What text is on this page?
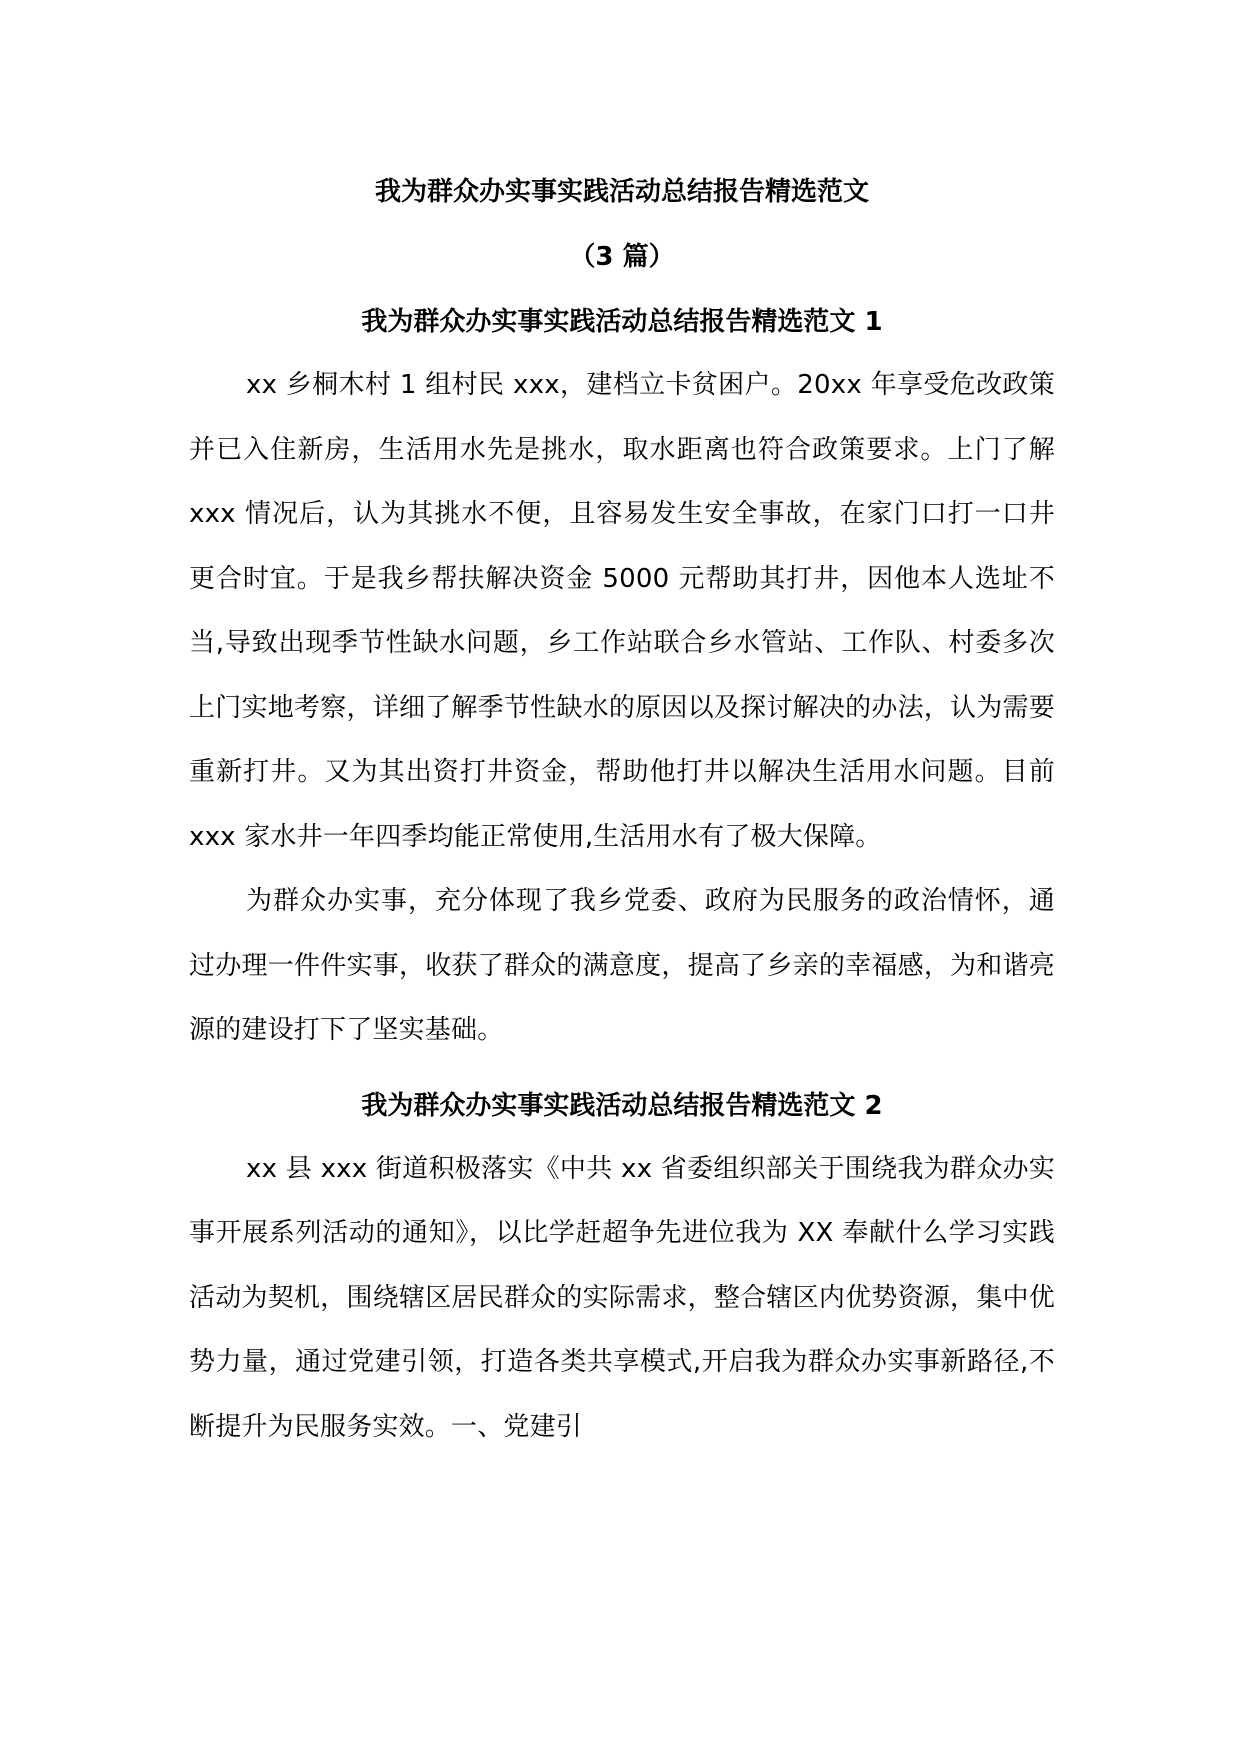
我为群众办实事实践活动总结报告精选范文
（3 篇）
我为群众办实事实践活动总结报告精选范文 1

xx 乡桐木村 1 组村民 xxx，建档立卡贫困户。20xx 年享受危改政策并已入住新房，生活用水先是挑水，取水距离也符合政策要求。上门了解 xxx 情况后，认为其挑水不便，且容易发生安全事故，在家门口打一口井更合时宜。于是我乡帮扶解决资金 5000 元帮助其打井，因他本人选址不当,导致出现季节性缺水问题，乡工作站联合乡水管站、工作队、村委多次上门实地考察，详细了解季节性缺水的原因以及探讨解决的办法，认为需要重新打井。又为其出资打井资金，帮助他打井以解决生活用水问题。目前 xxx 家水井一年四季均能正常使用,生活用水有了极大保障。

为群众办实事，充分体现了我乡党委、政府为民服务的政治情怀，通过办理一件件实事，收获了群众的满意度，提高了乡亲的幸福感，为和谐亮源的建设打下了坚实基础。

我为群众办实事实践活动总结报告精选范文 2

xx 县 xxx 街道积极落实《中共 xx 省委组织部关于围绕我为群众办实事开展系列活动的通知》，以比学赶超争先进位我为 XX 奉献什么学习实践活动为契机，围绕辖区居民群众的实际需求，整合辖区内优势资源，集中优势力量，通过党建引领，打造各类共享模式,开启我为群众办实事新路径,不断提升为民服务实效。一、党建引
